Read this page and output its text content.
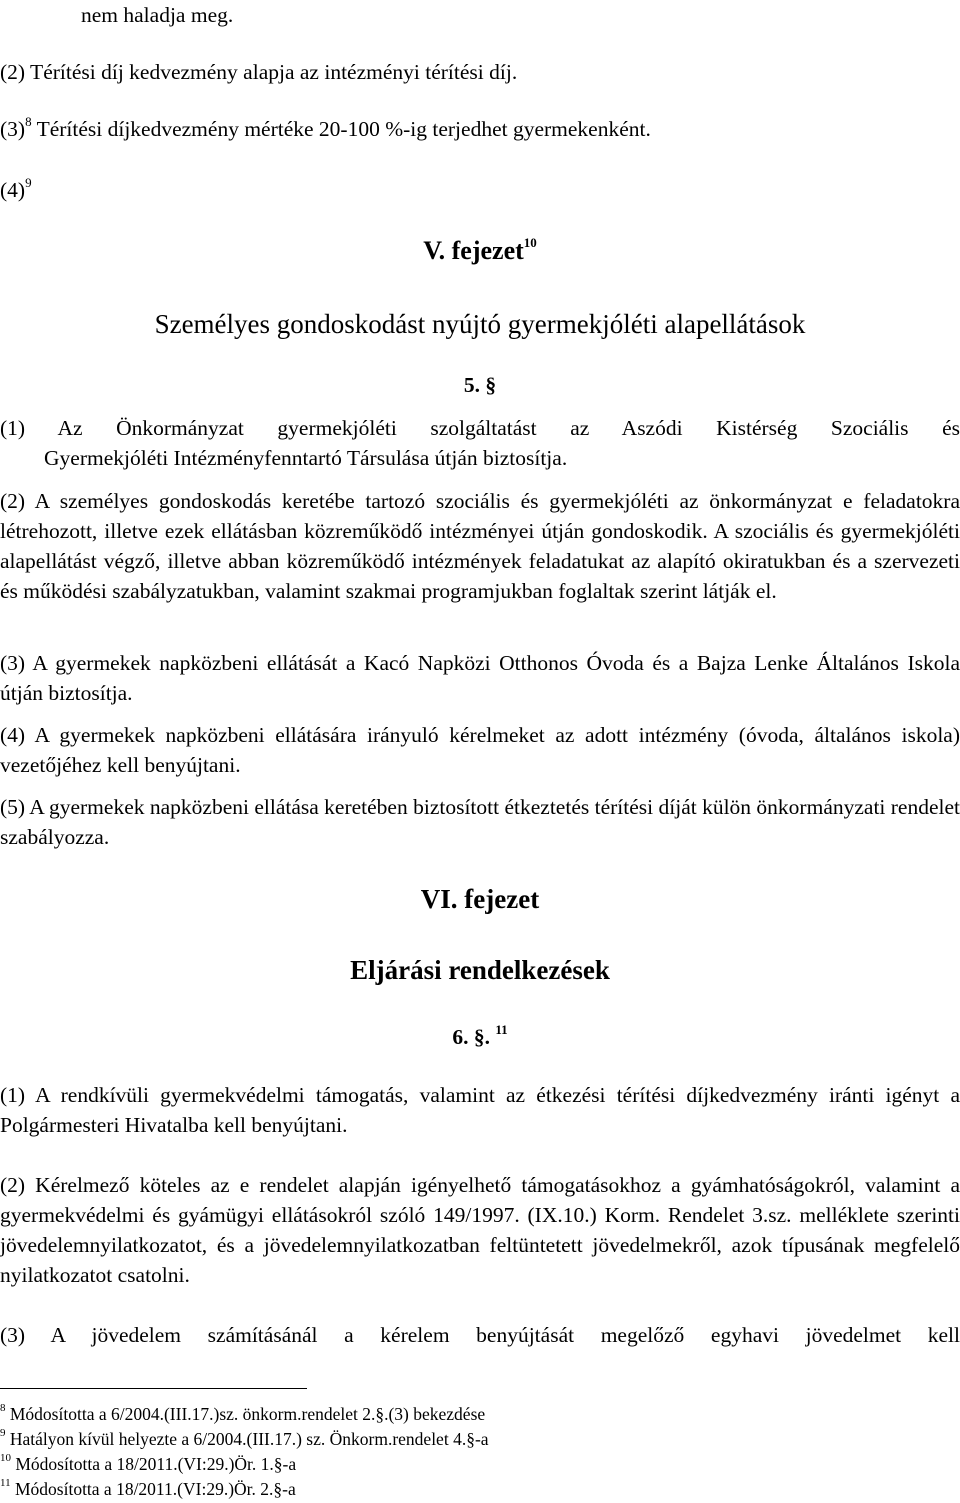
nem haladja meg.

(2) Térítési díj kedvezmény alapja az intézményi térítési díj.

$(3)^8$ Térítési díjkedvezmény mértéke 20-100 %-ig terjedhet gyermekenként.

$(4)^9$

V. fejezet$^{10}$
Személyes gondoskodást nyújtó gyermekjóléti alapellátások
5. §

(1) Az Önkormányzat gyermekjóléti szolgáltatást az Aszódi Kistérség Szociális és

Gyermekjóléti Intézményfenntartó Társulása útján biztosítja.

(2) A személyes gondoskodás keretébe tartozó szociális és gyermekjóléti az önkormányzat e feladatokra létrehozott, illetve ezek ellátásban közreműködő intézményei útján gondoskodik. A szociális és gyermekjóléti alapellátást végző, illetve abban közreműködő intézmények feladatukat az alapító okiratukban és a szervezeti és működési szabályzatukban, valamint szakmai programjukban foglaltak szerint látják el.

(3) A gyermekek napközbeni ellátását a Kacó Napközi Otthonos Óvoda és a Bajza Lenke Általános Iskola útján biztosítja.

(4) A gyermekek napközbeni ellátására irányuló kérelmeket az adott intézmény (óvoda, általános iskola) vezetőjéhez kell benyújtani.

(5) A gyermekek napközbeni ellátása keretében biztosított étkeztetés térítési díját külön önkormányzati rendelet szabályozza.

VI. fejezet
Eljárási rendelkezések
6. §. $^{11}$

(1) A rendkívüli gyermekvédelmi támogatás, valamint az étkezési térítési díjkedvezmény iránti igényt a Polgármesteri Hivatalba kell benyújtani.

(2) Kérelmező köteles az e rendelet alapján igényelhető támogatásokhoz a gyámhatóságokról, valamint a gyermekvédelmi és gyámügyi ellátásokról szóló 149/1997. (IX.10.) Korm. Rendelet 3.sz. melléklete szerinti jövedelemnyilatkozatot, és a jövedelemnyilatkozatban feltüntetett jövedelmekről, azok típusának megfelelő nyilatkozatot csatolni.

(3) A jövedelem számításánál a kérelem benyújtását megelőző egyhavi jövedelmet kell

$^8$ Módosította a 6/2004.(III.17.)sz. önkorm.rendelet 2.§.(3) bekezdése
$^9$ Hatályon kívül helyezte a 6/2004.(III.17.) sz. Önkorm.rendelet 4.§-a
$^{10}$ Módosította a 18/2011.(VI:29.)Ör. 1.§-a
$^{11}$ Módosította a 18/2011.(VI:29.)Ör. 2.§-a
